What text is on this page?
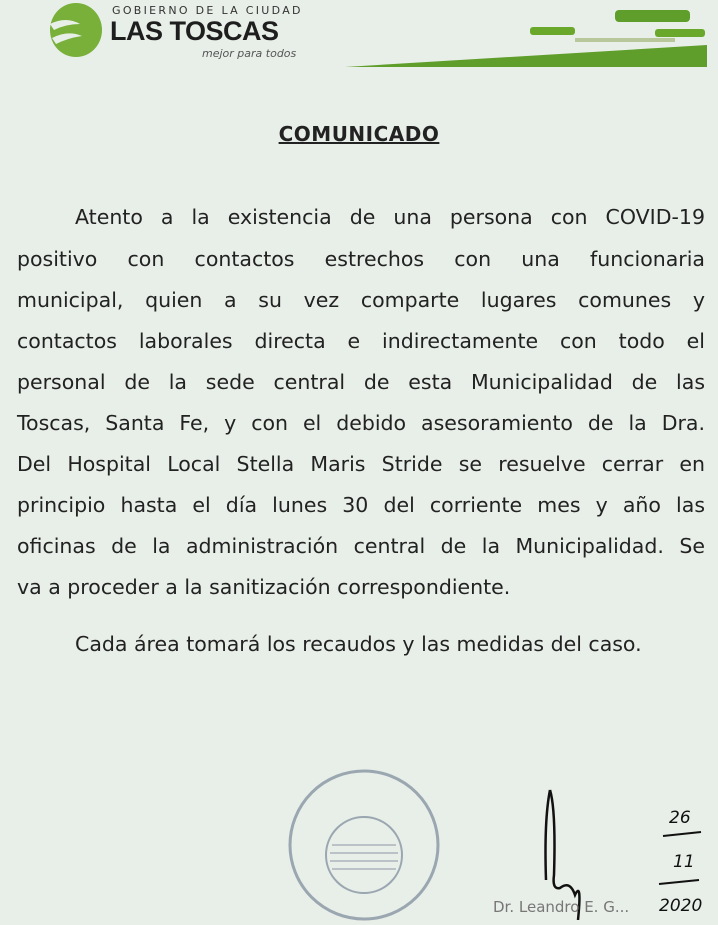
GOBIERNO DE LA CIUDAD
LAS TOSCAS
mejor para todos
COMUNICADO
Atento a la existencia de una persona con COVID-19
positivo con contactos estrechos con una funcionaria
municipal, quien a su vez comparte lugares comunes y
contactos laborales directa e indirectamente con todo el
personal de la sede central de esta Municipalidad de las
Toscas, Santa Fe, y con el debido asesoramiento de la Dra.
Del Hospital Local Stella Maris Stride se resuelve cerrar en
principio hasta el día lunes 30 del corriente mes y año las
oficinas de la administración central de la Municipalidad. Se
va a proceder a la sanitización correspondiente.
Cada área tomará los recaudos y las medidas del caso.
Dr. Leandro E. G...
26
11
2020
